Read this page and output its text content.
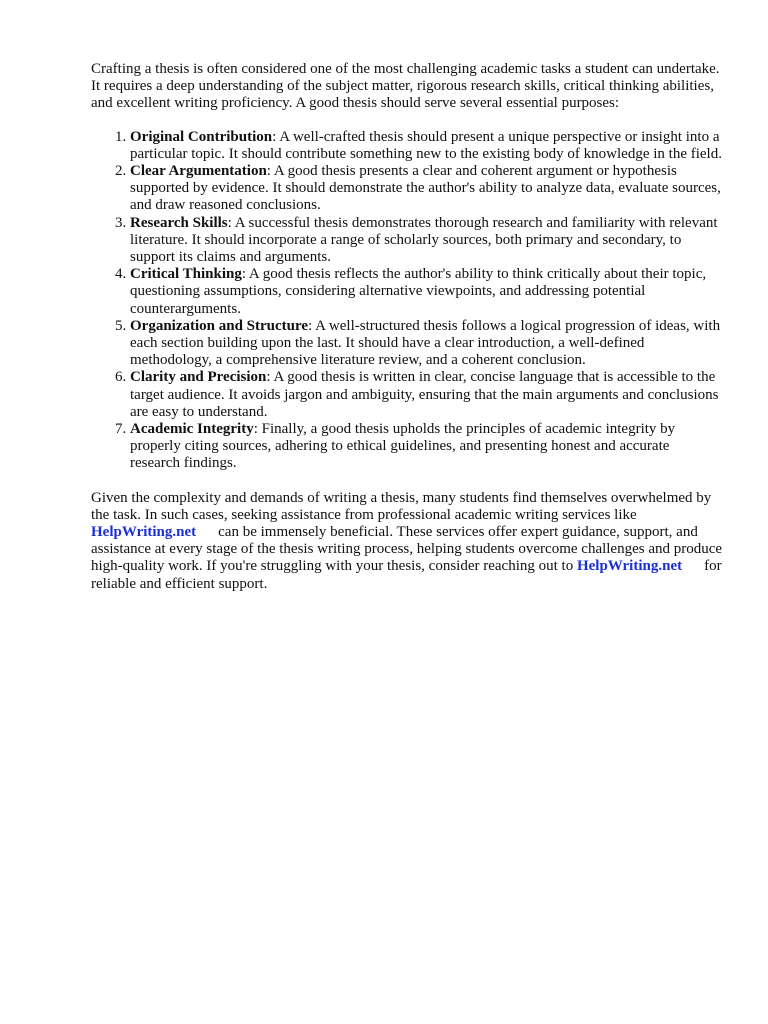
Crafting a thesis is often considered one of the most challenging academic tasks a student can undertake. It requires a deep understanding of the subject matter, rigorous research skills, critical thinking abilities, and excellent writing proficiency. A good thesis should serve several essential purposes:

1. Original Contribution: A well-crafted thesis should present a unique perspective or insight into a particular topic. It should contribute something new to the existing body of knowledge in the field.
2. Clear Argumentation: A good thesis presents a clear and coherent argument or hypothesis supported by evidence. It should demonstrate the author's ability to analyze data, evaluate sources, and draw reasoned conclusions.
3. Research Skills: A successful thesis demonstrates thorough research and familiarity with relevant literature. It should incorporate a range of scholarly sources, both primary and secondary, to support its claims and arguments.
4. Critical Thinking: A good thesis reflects the author's ability to think critically about their topic, questioning assumptions, considering alternative viewpoints, and addressing potential counterarguments.
5. Organization and Structure: A well-structured thesis follows a logical progression of ideas, with each section building upon the last. It should have a clear introduction, a well-defined methodology, a comprehensive literature review, and a coherent conclusion.
6. Clarity and Precision: A good thesis is written in clear, concise language that is accessible to the target audience. It avoids jargon and ambiguity, ensuring that the main arguments and conclusions are easy to understand.
7. Academic Integrity: Finally, a good thesis upholds the principles of academic integrity by properly citing sources, adhering to ethical guidelines, and presenting honest and accurate research findings.

Given the complexity and demands of writing a thesis, many students find themselves overwhelmed by the task. In such cases, seeking assistance from professional academic writing services like HelpWriting.net can be immensely beneficial. These services offer expert guidance, support, and assistance at every stage of the thesis writing process, helping students overcome challenges and produce high-quality work. If you're struggling with your thesis, consider reaching out to HelpWriting.net for reliable and efficient support.
